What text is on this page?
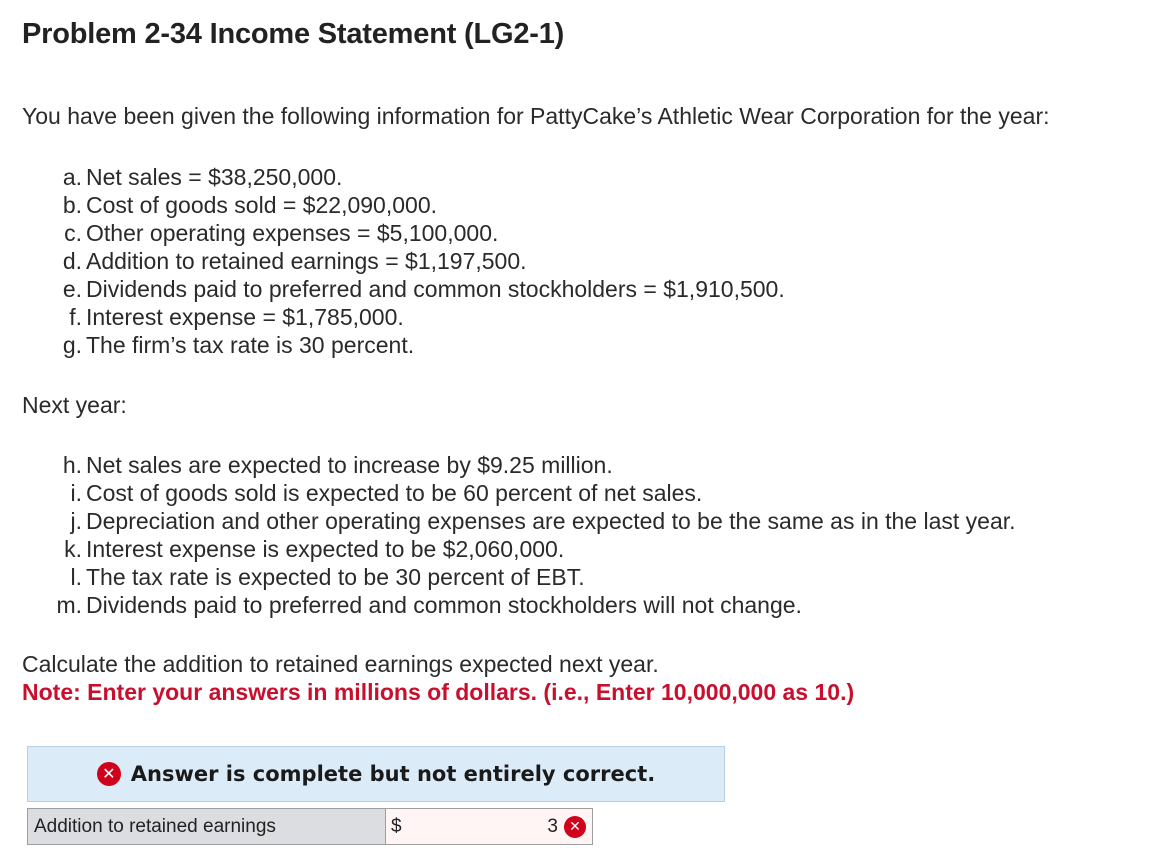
Problem 2-34 Income Statement (LG2-1)
You have been given the following information for PattyCake’s Athletic Wear Corporation for the year:
a. Net sales = $38,250,000.
b. Cost of goods sold = $22,090,000.
c. Other operating expenses = $5,100,000.
d. Addition to retained earnings = $1,197,500.
e. Dividends paid to preferred and common stockholders = $1,910,500.
f. Interest expense = $1,785,000.
g. The firm’s tax rate is 30 percent.
Next year:
h. Net sales are expected to increase by $9.25 million.
i. Cost of goods sold is expected to be 60 percent of net sales.
j. Depreciation and other operating expenses are expected to be the same as in the last year.
k. Interest expense is expected to be $2,060,000.
l. The tax rate is expected to be 30 percent of EBT.
m. Dividends paid to preferred and common stockholders will not change.
Calculate the addition to retained earnings expected next year.
Note: Enter your answers in millions of dollars. (i.e., Enter 10,000,000 as 10.)
✕ Answer is complete but not entirely correct.
Addition to retained earnings	$	3 ✕
